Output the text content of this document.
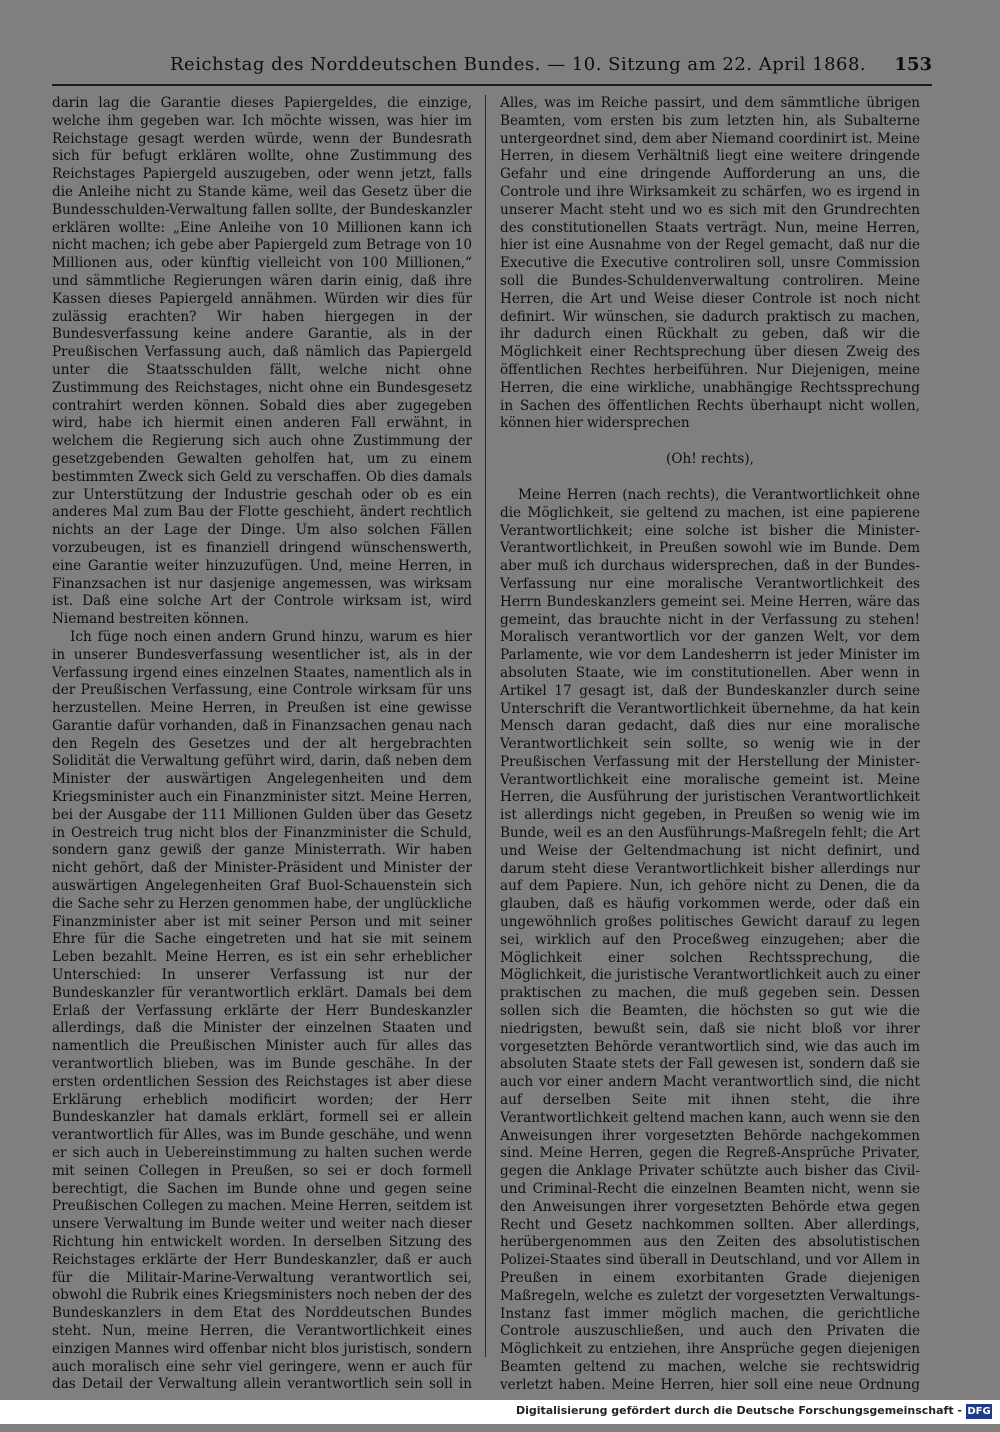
Reichstag des Norddeutschen Bundes. — 10. Sitzung am 22. April 1868. 153

darin lag die Garantie dieses Papiergeldes, die einzige, welche ihm gegeben war. Ich möchte wissen, was hier im Reichstage gesagt werden würde, wenn der Bundesrath sich für befugt erklären wollte, ohne Zustimmung des Reichstages Papiergeld auszugeben, oder wenn jetzt, falls die Anleihe nicht zu Stande käme, weil das Gesetz über die Bundesschulden-Verwaltung fallen sollte, der Bundeskanzler erklären wollte: „Eine Anleihe von 10 Millionen kann ich nicht machen; ich gebe aber Papiergeld zum Betrage von 10 Millionen aus, oder künftig vielleicht von 100 Millionen,“ und sämmtliche Regierungen wären darin einig, daß ihre Kassen dieses Papiergeld annähmen. Würden wir dies für zulässig erachten? Wir haben hiergegen in der Bundesverfassung keine andere Garantie, als in der Preußischen Verfassung auch, daß nämlich das Papiergeld unter die Staatsschulden fällt, welche nicht ohne Zustimmung des Reichstages, nicht ohne ein Bundesgesetz contrahirt werden können. Sobald dies aber zugegeben wird, habe ich hiermit einen anderen Fall erwähnt, in welchem die Regierung sich auch ohne Zustimmung der gesetzgebenden Gewalten geholfen hat, um zu einem bestimmten Zweck sich Geld zu verschaffen. Ob dies damals zur Unterstützung der Industrie geschah oder ob es ein anderes Mal zum Bau der Flotte geschieht, ändert rechtlich nichts an der Lage der Dinge. Um also solchen Fällen vorzubeugen, ist es finanziell dringend wünschenswerth, eine Garantie weiter hinzuzufügen. Und, meine Herren, in Finanzsachen ist nur dasjenige angemessen, was wirksam ist. Daß eine solche Art der Controle wirksam ist, wird Niemand bestreiten können.

Ich füge noch einen andern Grund hinzu, warum es hier in unserer Bundesverfassung wesentlicher ist, als in der Verfassung irgend eines einzelnen Staates, namentlich als in der Preußischen Verfassung, eine Controle wirksam für uns herzustellen. Meine Herren, in Preußen ist eine gewisse Garantie dafür vorhanden, daß in Finanzsachen genau nach den Regeln des Gesetzes und der alt hergebrachten Solidität die Verwaltung geführt wird, darin, daß neben dem Minister der auswärtigen Angelegenheiten und dem Kriegsminister auch ein Finanzminister sitzt. Meine Herren, bei der Ausgabe der 111 Millionen Gulden über das Gesetz in Oestreich trug nicht blos der Finanzminister die Schuld, sondern ganz gewiß der ganze Ministerrath. Wir haben nicht gehört, daß der Minister-Präsident und Minister der auswärtigen Angelegenheiten Graf Buol-Schauenstein sich die Sache sehr zu Herzen genommen habe, der unglückliche Finanzminister aber ist mit seiner Person und mit seiner Ehre für die Sache eingetreten und hat sie mit seinem Leben bezahlt. Meine Herren, es ist ein sehr erheblicher Unterschied: In unserer Verfassung ist nur der Bundeskanzler für verantwortlich erklärt. Damals bei dem Erlaß der Verfassung erklärte der Herr Bundeskanzler allerdings, daß die Minister der einzelnen Staaten und namentlich die Preußischen Minister auch für alles das verantwortlich blieben, was im Bunde geschähe. In der ersten ordentlichen Session des Reichstages ist aber diese Erklärung erheblich modificirt worden; der Herr Bundeskanzler hat damals erklärt, formell sei er allein verantwortlich für Alles, was im Bunde geschähe, und wenn er sich auch in Uebereinstimmung zu halten suchen werde mit seinen Collegen in Preußen, so sei er doch formell berechtigt, die Sachen im Bunde ohne und gegen seine Preußischen Collegen zu machen. Meine Herren, seitdem ist unsere Verwaltung im Bunde weiter und weiter nach dieser Richtung hin entwickelt worden. In derselben Sitzung des Reichstages erklärte der Herr Bundeskanzler, daß er auch für die Militair-Marine-Verwaltung verantwortlich sei, obwohl die Rubrik eines Kriegsministers noch neben der des Bundeskanzlers in dem Etat des Norddeutschen Bundes steht. Nun, meine Herren, die Verantwortlichkeit eines einzigen Mannes wird offenbar nicht blos juristisch, sondern auch moralisch eine sehr viel geringere, wenn er auch für das Detail der Verwaltung allein verantwortlich sein soll in

Alles, was im Reiche passirt, und dem sämmtliche übrigen Beamten, vom ersten bis zum letzten hin, als Subalterne untergeordnet sind, dem aber Niemand coordinirt ist. Meine Herren, in diesem Verhältniß liegt eine weitere dringende Gefahr und eine dringende Aufforderung an uns, die Controle und ihre Wirksamkeit zu schärfen, wo es irgend in unserer Macht steht und wo es sich mit den Grundrechten des constitutionellen Staats verträgt. Nun, meine Herren, hier ist eine Ausnahme von der Regel gemacht, daß nur die Executive die Executive controliren soll, unsre Commission soll die Bundes-Schuldenverwaltung controliren. Meine Herren, die Art und Weise dieser Controle ist noch nicht definirt. Wir wünschen, sie dadurch praktisch zu machen, ihr dadurch einen Rückhalt zu geben, daß wir die Möglichkeit einer Rechtsprechung über diesen Zweig des öffentlichen Rechtes herbeiführen. Nur Diejenigen, meine Herren, die eine wirkliche, unabhängige Rechtssprechung in Sachen des öffentlichen Rechts überhaupt nicht wollen, können hier widersprechen

(Oh! rechts),

Meine Herren (nach rechts), die Verantwortlichkeit ohne die Möglichkeit, sie geltend zu machen, ist eine papierene Verantwortlichkeit; eine solche ist bisher die Minister-Verantwortlichkeit, in Preußen sowohl wie im Bunde. Dem aber muß ich durchaus widersprechen, daß in der Bundes-Verfassung nur eine moralische Verantwortlichkeit des Herrn Bundeskanzlers gemeint sei. Meine Herren, wäre das gemeint, das brauchte nicht in der Verfassung zu stehen! Moralisch verantwortlich vor der ganzen Welt, vor dem Parlamente, wie vor dem Landesherrn ist jeder Minister im absoluten Staate, wie im constitutionellen. Aber wenn in Artikel 17 gesagt ist, daß der Bundeskanzler durch seine Unterschrift die Verantwortlichkeit übernehme, da hat kein Mensch daran gedacht, daß dies nur eine moralische Verantwortlichkeit sein sollte, so wenig wie in der Preußischen Verfassung mit der Herstellung der Minister-Verantwortlichkeit eine moralische gemeint ist. Meine Herren, die Ausführung der juristischen Verantwortlichkeit ist allerdings nicht gegeben, in Preußen so wenig wie im Bunde, weil es an den Ausführungs-Maßregeln fehlt; die Art und Weise der Geltendmachung ist nicht definirt, und darum steht diese Verantwortlichkeit bisher allerdings nur auf dem Papiere. Nun, ich gehöre nicht zu Denen, die da glauben, daß es häufig vorkommen werde, oder daß ein ungewöhnlich großes politisches Gewicht darauf zu legen sei, wirklich auf den Proceßweg einzugehen; aber die Möglichkeit einer solchen Rechtssprechung, die Möglichkeit, die juristische Verantwortlichkeit auch zu einer praktischen zu machen, die muß gegeben sein. Dessen sollen sich die Beamten, die höchsten so gut wie die niedrigsten, bewußt sein, daß sie nicht bloß vor ihrer vorgesetzten Behörde verantwortlich sind, wie das auch im absoluten Staate stets der Fall gewesen ist, sondern daß sie auch vor einer andern Macht verantwortlich sind, die nicht auf derselben Seite mit ihnen steht, die ihre Verantwortlichkeit geltend machen kann, auch wenn sie den Anweisungen ihrer vorgesetzten Behörde nachgekommen sind. Meine Herren, gegen die Regreß-Ansprüche Privater, gegen die Anklage Privater schützte auch bisher das Civil- und Criminal-Recht die einzelnen Beamten nicht, wenn sie den Anweisungen ihrer vorgesetzten Behörde etwa gegen Recht und Gesetz nachkommen sollten. Aber allerdings, herübergenommen aus den Zeiten des absolutistischen Polizei-Staates sind überall in Deutschland, und vor Allem in Preußen in einem exorbitanten Grade diejenigen Maßregeln, welche es zuletzt der vorgesetzten Verwaltungs-Instanz fast immer möglich machen, die gerichtliche Controle auszuschließen, und auch den Privaten die Möglichkeit zu entziehen, ihre Ansprüche gegen diejenigen Beamten geltend zu machen, welche sie rechtswidrig verletzt haben. Meine Herren, hier soll eine neue Ordnung

Digitalisierung gefördert durch die Deutsche Forschungsgemeinschaft - DFG
